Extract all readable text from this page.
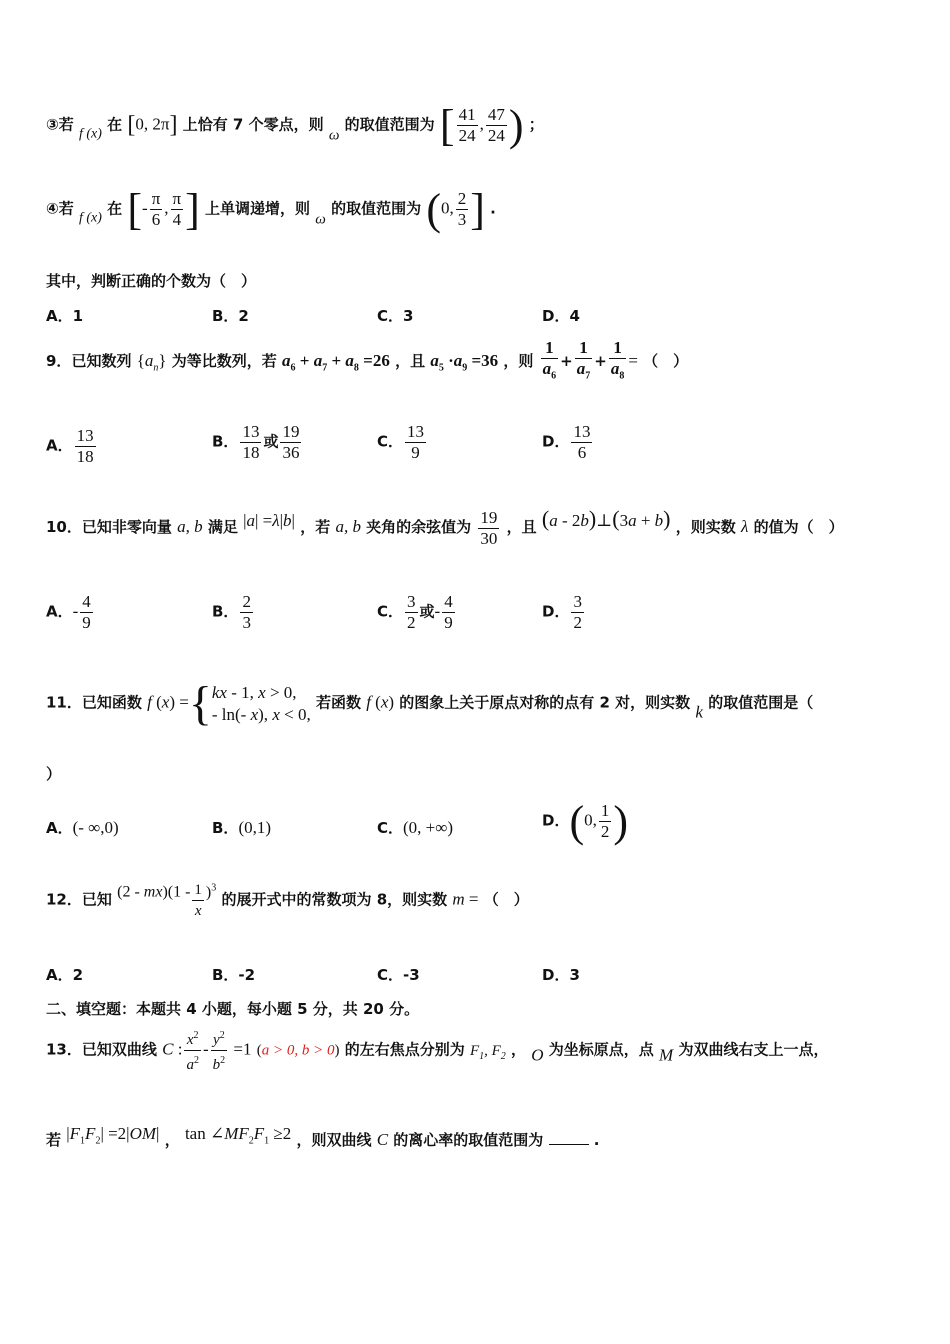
③若 f (x) 在 [0, 2π] 上恰有 7 个零点，则 ω 的取值范围为 [ $\frac{41}{24}$ , $\frac{47}{24}$ ) ；
④若 f (x) 在 [- $\frac{\pi}{6}$ , $\frac{\pi}{4}$ ] 上单调递增，则 ω 的取值范围为 (0, $\frac{2}{3}$ ] .
其中，判断正确的个数为（　）
A．1	B．2	C．3	D．4
9．已知数列 $\{a_n\}$ 为等比数列，若 $a_6 + a_7 + a_8 =26$ ，且 $a_5 \cdot a_9 =36$ ，则 $\frac{1}{a_6} + \frac{1}{a_7} + \frac{1}{a_8}$ = （　）
A． $\frac{13}{18}$	B． $\frac{13}{18}$ 或 $\frac{19}{36}$	C． $\frac{13}{9}$	D． $\frac{13}{6}$
10．已知非零向量 a, b 满足 |a| =λ|b| ，若 a, b 夹角的余弦值为 $\frac{19}{30}$ ，且 (a - 2b)⊥(3a + b) ，则实数 λ 的值为（　）
A．- $\frac{4}{9}$	B． $\frac{2}{3}$	C． $\frac{3}{2}$ 或- $\frac{4}{9}$	D． $\frac{3}{2}$
11．已知函数 f (x) ={kx - 1, x > 0,
- ln(- x), x < 0, 若函数 f (x) 的图象上关于原点对称的点有 2 对，则实数 k 的取值范围是（
）
A．(- ∞,0)	B．(0,1)	C．(0, +∞)	D．(0, $\frac{1}{2}$ )
12．已知 $(2 - mx)(1 - \frac{1}{x} )^3$ 的展开式中的常数项为 8，则实数 m = （　）
A．2	B．-2	C．-3	D．3
二、填空题：本题共 4 小题，每小题 5 分，共 20 分。
13．已知双曲线 C : $\frac{x^2}{a^2} - \frac{y^2}{b^2} =1$ (a > 0, b > 0) 的左右焦点分别为 $F_1$, $F_2$ ， O 为坐标原点，点 M 为双曲线右支上一点，
若 $|F_1F_2| =2|OM|$ ， $\tan \angle MF_2F_1 \ge 2$ ，则双曲线 C 的离心率的取值范围为	.
